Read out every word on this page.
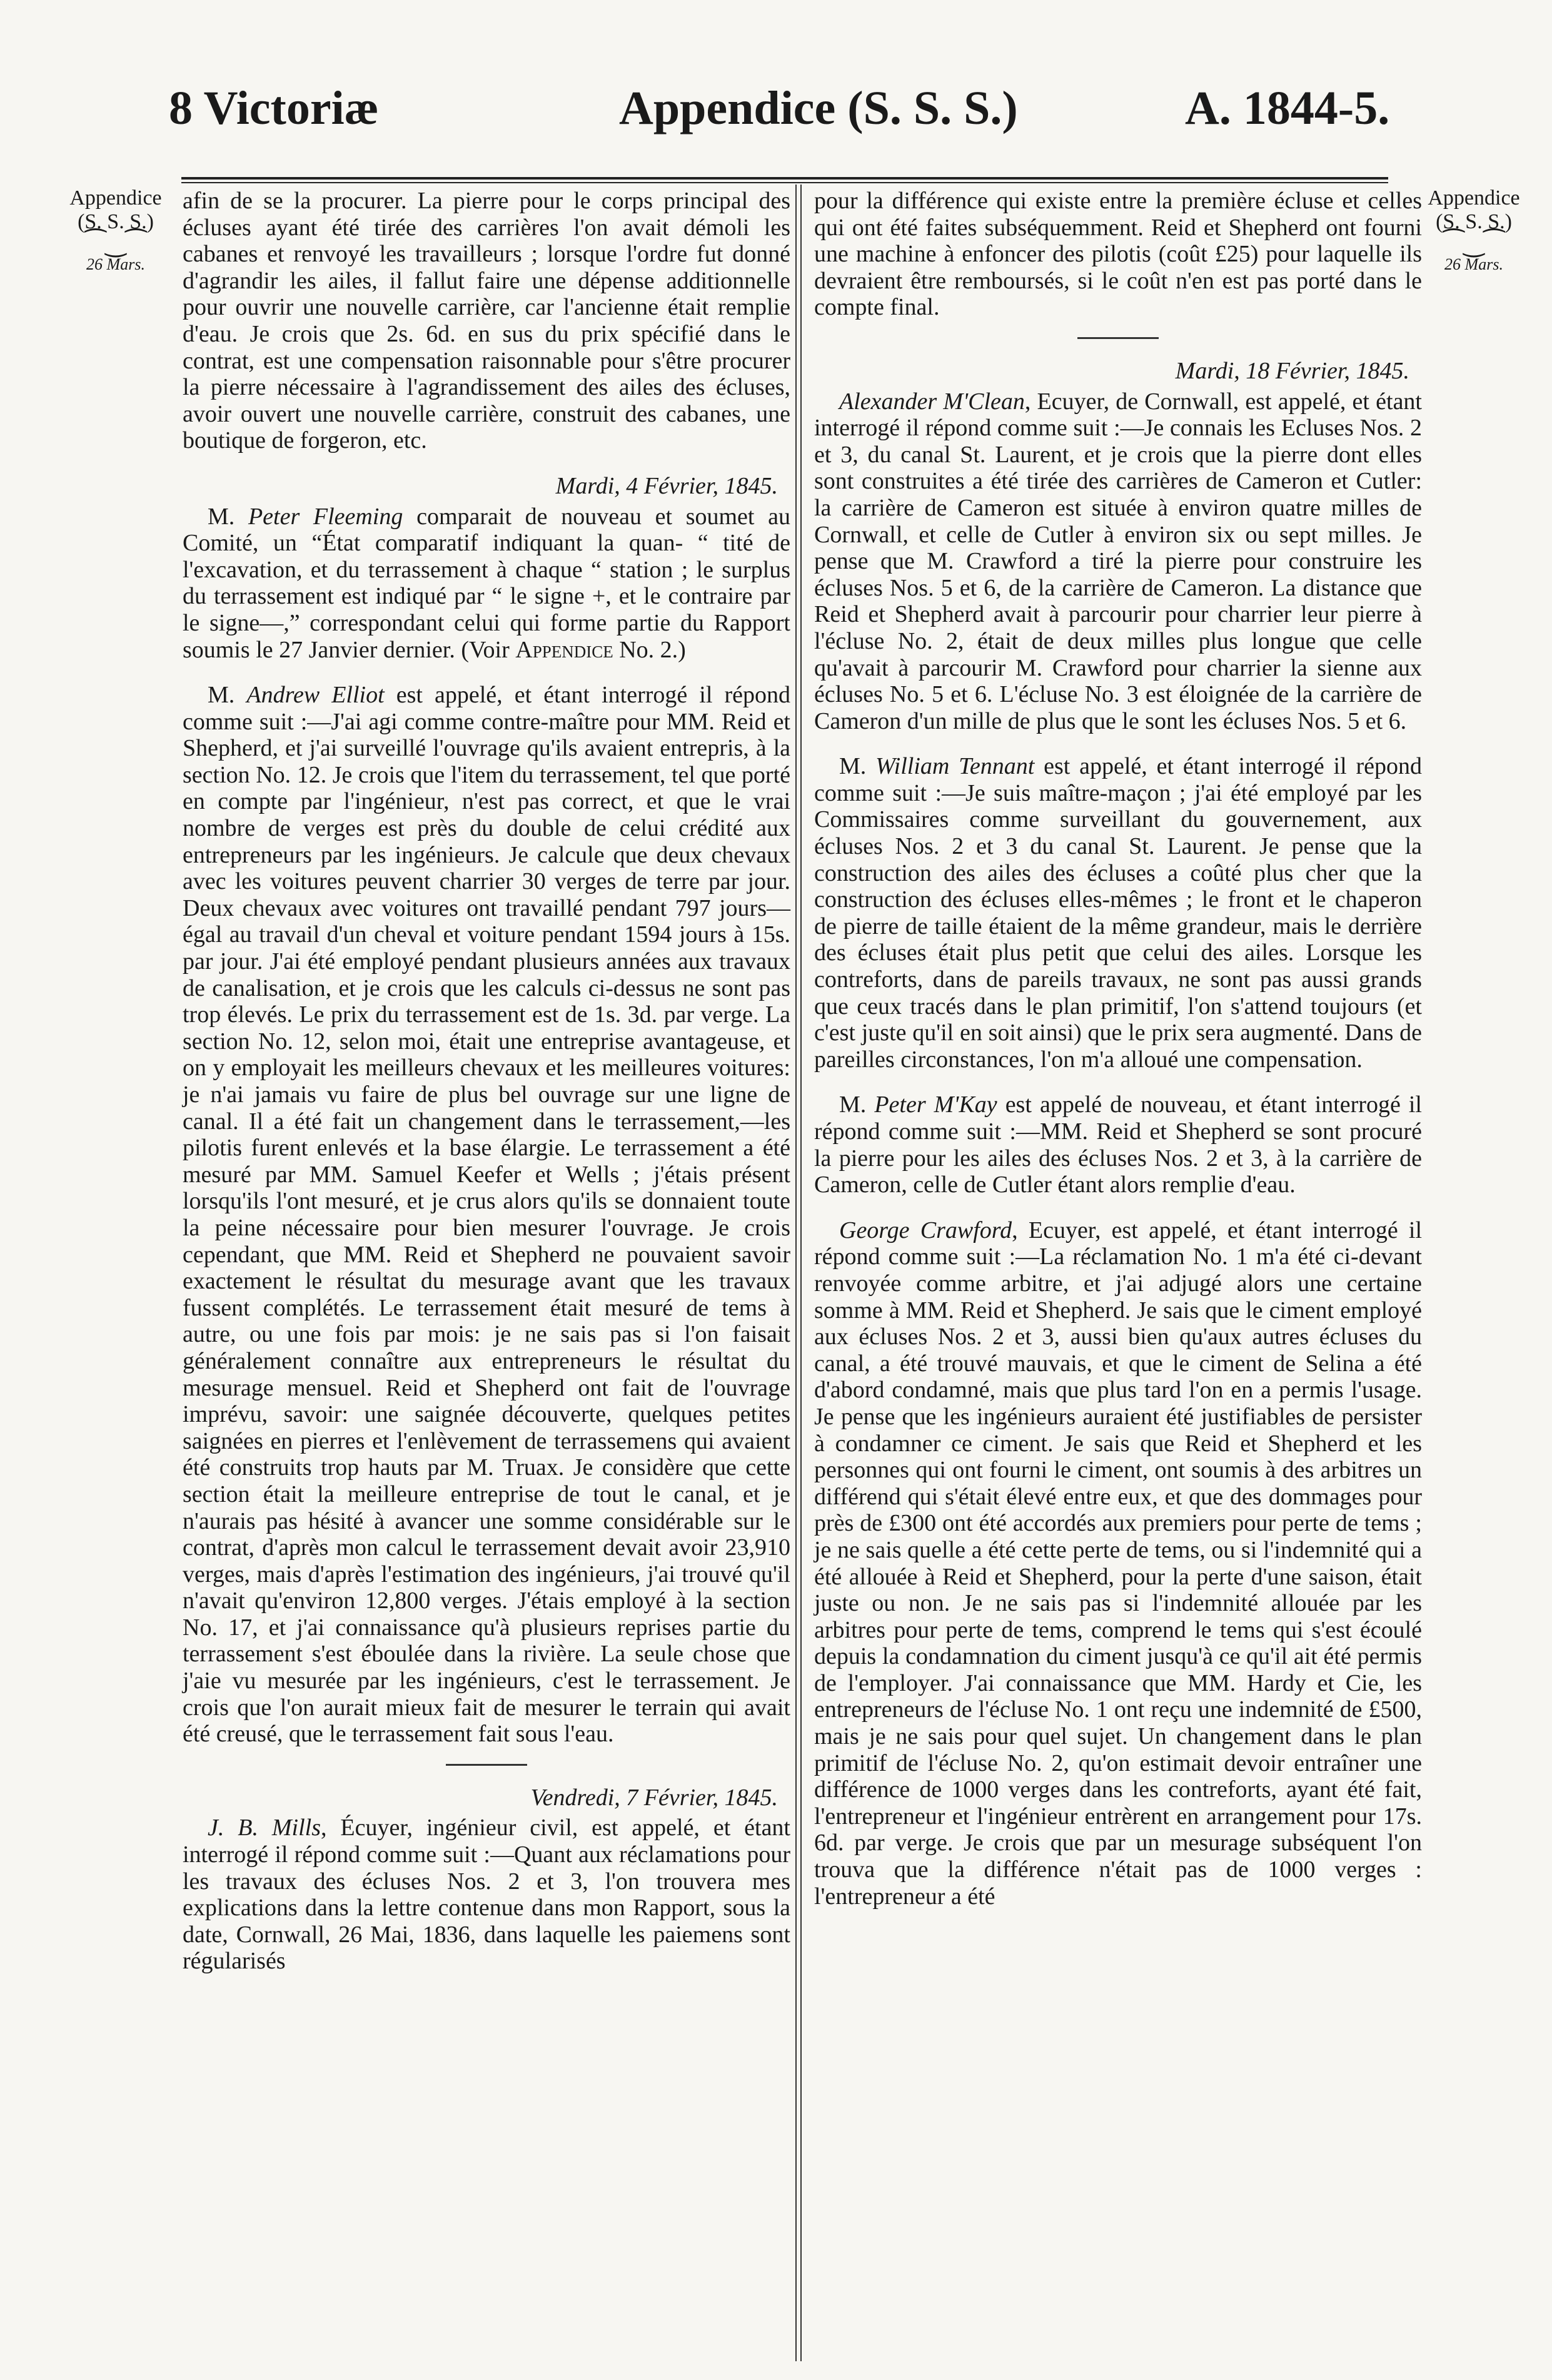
8 Victoriæ	Appendice (S. S. S.)	A. 1844-5.
Appendice
(S. S. S.)
⁀‿⁀
26 Mars.
Appendice
(S. S. S.)
⁀‿⁀
26 Mars.

afin de se la procurer. La pierre pour le corps principal des écluses ayant été tirée des carrières l'on avait démoli les cabanes et renvoyé les travailleurs ; lorsque l'ordre fut donné d'agrandir les ailes, il fallut faire une dépense additionnelle pour ouvrir une nouvelle carrière, car l'ancienne était remplie d'eau. Je crois que 2s. 6d. en sus du prix spécifié dans le contrat, est une compensation raisonnable pour s'être procurer la pierre nécessaire à l'agrandissement des ailes des écluses, avoir ouvert une nouvelle carrière, construit des cabanes, une boutique de forgeron, etc.

Mardi, 4 Février, 1845.

M. Peter Fleeming comparait de nouveau et soumet au Comité, un “État comparatif indiquant la quan- “ tité de l'excavation, et du terrassement à chaque “ station ; le surplus du terrassement est indiqué par “ le signe +, et le contraire par le signe—,” correspondant celui qui forme partie du Rapport soumis le 27 Janvier dernier. (Voir Appendice No. 2.)

M. Andrew Elliot est appelé, et étant interrogé il répond comme suit :—J'ai agi comme contre-maître pour MM. Reid et Shepherd, et j'ai surveillé l'ouvrage qu'ils avaient entrepris, à la section No. 12. Je crois que l'item du terrassement, tel que porté en compte par l'ingénieur, n'est pas correct, et que le vrai nombre de verges est près du double de celui crédité aux entrepreneurs par les ingénieurs. Je calcule que deux chevaux avec les voitures peuvent charrier 30 verges de terre par jour. Deux chevaux avec voitures ont travaillé pendant 797 jours—égal au travail d'un cheval et voiture pendant 1594 jours à 15s. par jour. J'ai été employé pendant plusieurs années aux travaux de canalisation, et je crois que les calculs ci-dessus ne sont pas trop élevés. Le prix du terrassement est de 1s. 3d. par verge. La section No. 12, selon moi, était une entreprise avantageuse, et on y employait les meilleurs chevaux et les meilleures voitures: je n'ai jamais vu faire de plus bel ouvrage sur une ligne de canal. Il a été fait un changement dans le terrassement,—les pilotis furent enlevés et la base élargie. Le terrassement a été mesuré par MM. Samuel Keefer et Wells ; j'étais présent lorsqu'ils l'ont mesuré, et je crus alors qu'ils se donnaient toute la peine nécessaire pour bien mesurer l'ouvrage. Je crois cependant, que MM. Reid et Shepherd ne pouvaient savoir exactement le résultat du mesurage avant que les travaux fussent complétés. Le terrassement était mesuré de tems à autre, ou une fois par mois: je ne sais pas si l'on faisait généralement connaître aux entrepreneurs le résultat du mesurage mensuel. Reid et Shepherd ont fait de l'ouvrage imprévu, savoir: une saignée découverte, quelques petites saignées en pierres et l'enlèvement de terrassemens qui avaient été construits trop hauts par M. Truax. Je considère que cette section était la meilleure entreprise de tout le canal, et je n'aurais pas hésité à avancer une somme considérable sur le contrat, d'après mon calcul le terrassement devait avoir 23,910 verges, mais d'après l'estimation des ingénieurs, j'ai trouvé qu'il n'avait qu'environ 12,800 verges. J'étais employé à la section No. 17, et j'ai connaissance qu'à plusieurs reprises partie du terrassement s'est éboulée dans la rivière. La seule chose que j'aie vu mesurée par les ingénieurs, c'est le terrassement. Je crois que l'on aurait mieux fait de mesurer le terrain qui avait été creusé, que le terrassement fait sous l'eau.

Vendredi, 7 Février, 1845.

J. B. Mills, Écuyer, ingénieur civil, est appelé, et étant interrogé il répond comme suit :—Quant aux réclamations pour les travaux des écluses Nos. 2 et 3, l'on trouvera mes explications dans la lettre contenue dans mon Rapport, sous la date, Cornwall, 26 Mai, 1836, dans laquelle les paiemens sont régularisés

pour la différence qui existe entre la première écluse et celles qui ont été faites subséquemment. Reid et Shepherd ont fourni une machine à enfoncer des pilotis (coût £25) pour laquelle ils devraient être remboursés, si le coût n'en est pas porté dans le compte final.

Mardi, 18 Février, 1845.

Alexander M'Clean, Ecuyer, de Cornwall, est appelé, et étant interrogé il répond comme suit :—Je connais les Ecluses Nos. 2 et 3, du canal St. Laurent, et je crois que la pierre dont elles sont construites a été tirée des carrières de Cameron et Cutler: la carrière de Cameron est située à environ quatre milles de Cornwall, et celle de Cutler à environ six ou sept milles. Je pense que M. Crawford a tiré la pierre pour construire les écluses Nos. 5 et 6, de la carrière de Cameron. La distance que Reid et Shepherd avait à parcourir pour charrier leur pierre à l'écluse No. 2, était de deux milles plus longue que celle qu'avait à parcourir M. Crawford pour charrier la sienne aux écluses No. 5 et 6. L'écluse No. 3 est éloignée de la carrière de Cameron d'un mille de plus que le sont les écluses Nos. 5 et 6.

M. William Tennant est appelé, et étant interrogé il répond comme suit :—Je suis maître-maçon ; j'ai été employé par les Commissaires comme surveillant du gouvernement, aux écluses Nos. 2 et 3 du canal St. Laurent. Je pense que la construction des ailes des écluses a coûté plus cher que la construction des écluses elles-mêmes ; le front et le chaperon de pierre de taille étaient de la même grandeur, mais le derrière des écluses était plus petit que celui des ailes. Lorsque les contreforts, dans de pareils travaux, ne sont pas aussi grands que ceux tracés dans le plan primitif, l'on s'attend toujours (et c'est juste qu'il en soit ainsi) que le prix sera augmenté. Dans de pareilles circonstances, l'on m'a alloué une compensation.

M. Peter M'Kay est appelé de nouveau, et étant interrogé il répond comme suit :—MM. Reid et Shepherd se sont procuré la pierre pour les ailes des écluses Nos. 2 et 3, à la carrière de Cameron, celle de Cutler étant alors remplie d'eau.

George Crawford, Ecuyer, est appelé, et étant interrogé il répond comme suit :—La réclamation No. 1 m'a été ci-devant renvoyée comme arbitre, et j'ai adjugé alors une certaine somme à MM. Reid et Shepherd. Je sais que le ciment employé aux écluses Nos. 2 et 3, aussi bien qu'aux autres écluses du canal, a été trouvé mauvais, et que le ciment de Selina a été d'abord condamné, mais que plus tard l'on en a permis l'usage. Je pense que les ingénieurs auraient été justifiables de persister à condamner ce ciment. Je sais que Reid et Shepherd et les personnes qui ont fourni le ciment, ont soumis à des arbitres un différend qui s'était élevé entre eux, et que des dommages pour près de £300 ont été accordés aux premiers pour perte de tems ; je ne sais quelle a été cette perte de tems, ou si l'indemnité qui a été allouée à Reid et Shepherd, pour la perte d'une saison, était juste ou non. Je ne sais pas si l'indemnité allouée par les arbitres pour perte de tems, comprend le tems qui s'est écoulé depuis la condamnation du ciment jusqu'à ce qu'il ait été permis de l'employer. J'ai connaissance que MM. Hardy et Cie, les entrepreneurs de l'écluse No. 1 ont reçu une indemnité de £500, mais je ne sais pour quel sujet. Un changement dans le plan primitif de l'écluse No. 2, qu'on estimait devoir entraîner une différence de 1000 verges dans les contreforts, ayant été fait, l'entrepreneur et l'ingénieur entrèrent en arrangement pour 17s. 6d. par verge. Je crois que par un mesurage subséquent l'on trouva que la différence n'était pas de 1000 verges : l'entrepreneur a été
